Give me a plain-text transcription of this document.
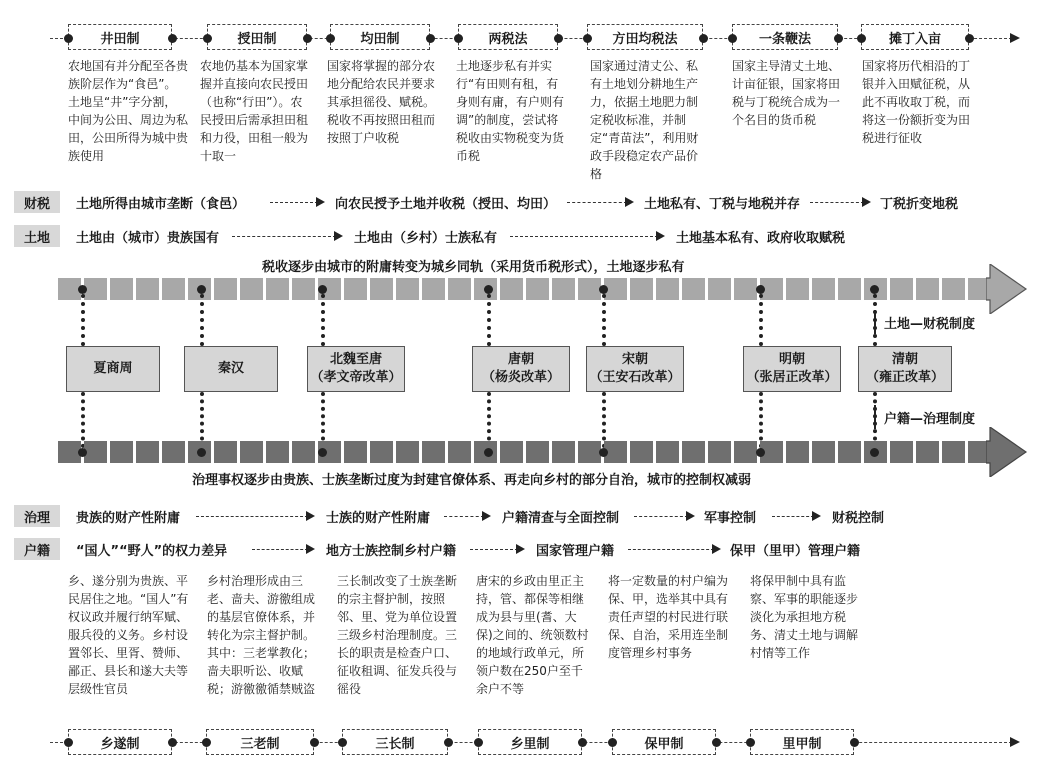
井田制	授田制	均田制	两税法	方田均税法	一条鞭法	摊丁入亩
农地国有并分配至各贵族阶层作为“食邑”。土地呈“井”字分割，中间为公田、周边为私田，公田所得为城中贵族使用
农地仍基本为国家掌握并直接向农民授田（也称“行田”）。农民授田后需承担田租和力役，田租一般为十取一
国家将掌握的部分农地分配给农民并要求其承担徭役、赋税。税收不再按照田租而按照丁户收税
土地逐步私有并实行“有田则有租，有身则有庸，有户则有调”的制度，尝试将税收由实物税变为货币税
国家通过清丈公、私有土地划分耕地生产力，依据土地肥力制定税收标准，并制定“青苗法”，利用财政手段稳定农产品价格
国家主导清丈土地、计亩征银，国家将田税与丁税统合成为一个名目的货币税
国家将历代相沿的丁银并入田赋征税，从此不再收取丁税，而将这一份额折变为田税进行征收
财税	土地所得由城市垄断（食邑）	向农民授予土地并收税（授田、均田）	土地私有、丁税与地税并存	丁税折变地税
土地	土地由（城市）贵族国有	土地由（乡村）士族私有	土地基本私有、政府收取赋税
税收逐步由城市的附庸转变为城乡同轨（采用货币税形式），土地逐步私有
土地—财税制度
夏商周	秦汉
北魏至唐
（孝文帝改革）
唐朝
（杨炎改革）
宋朝
（王安石改革）
明朝
（张居正改革）
清朝
（雍正改革）
户籍—治理制度
治理事权逐步由贵族、士族垄断过度为封建官僚体系、再走向乡村的部分自治，城市的控制权减弱
治理	贵族的财产性附庸	士族的财产性附庸	户籍清查与全面控制	军事控制	财税控制
户籍	“国人”“野人”的权力差异	地方士族控制乡村户籍	国家管理户籍	保甲（里甲）管理户籍
乡、遂分别为贵族、平民居住之地。“国人”有权议政并履行纳军赋、服兵役的义务。乡村设置邻长、里胥、赞师、鄙正、县长和遂大夫等层级性官员
乡村治理形成由三老、啬夫、游徼组成的基层官僚体系，并转化为宗主督护制。其中：三老掌教化；啬夫职听讼、收赋税；游徼徼循禁贼盗
三长制改变了士族垄断的宗主督护制，按照邻、里、党为单位设置三级乡村治理制度。三长的职责是检查户口、征收租调、征发兵役与徭役
唐宋的乡政由里正主持，管、都保等相继成为县与里(耆、大保)之间的、统领数村的地域行政单元，所领户数在250户至千余户不等
将一定数量的村户编为保、甲，选举其中具有责任声望的村民进行联保、自治，采用连坐制度管理乡村事务
将保甲制中具有监察、军事的职能逐步淡化为承担地方税务、清丈土地与调解村情等工作
乡遂制	三老制	三长制	乡里制	保甲制	里甲制
